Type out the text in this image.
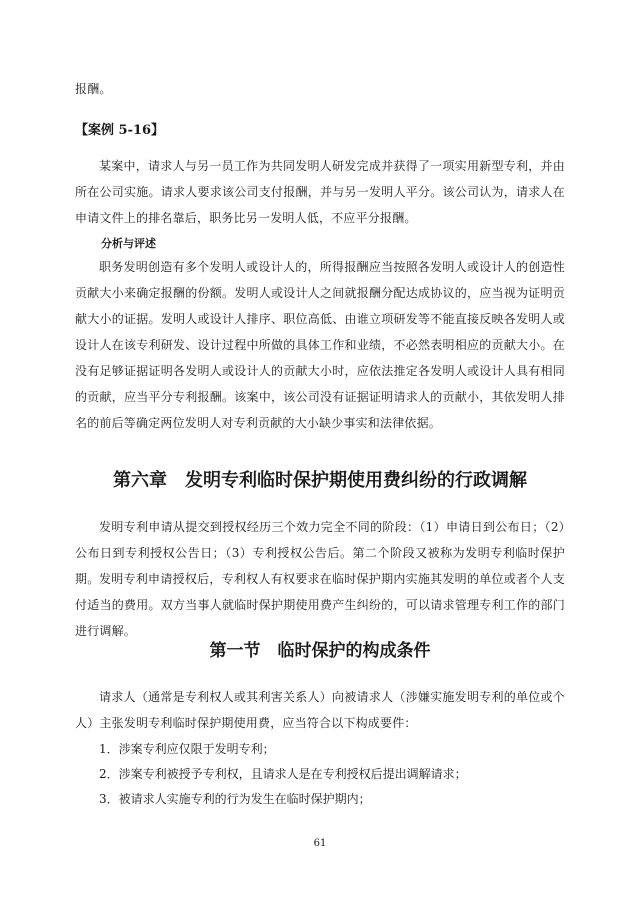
报酬。

【案例 5-16】

某案中，请求人与另一员工作为共同发明人研发完成并获得了一项实用新型专利，并由所在公司实施。请求人要求该公司支付报酬，并与另一发明人平分。该公司认为，请求人在申请文件上的排名靠后，职务比另一发明人低，不应平分报酬。

分析与评述

职务发明创造有多个发明人或设计人的，所得报酬应当按照各发明人或设计人的创造性贡献大小来确定报酬的份额。发明人或设计人之间就报酬分配达成协议的，应当视为证明贡献大小的证据。发明人或设计人排序、职位高低、由谁立项研发等不能直接反映各发明人或设计人在该专利研发、设计过程中所做的具体工作和业绩，不必然表明相应的贡献大小。在没有足够证据证明各发明人或设计人的贡献大小时，应依法推定各发明人或设计人具有相同的贡献，应当平分专利报酬。该案中，该公司没有证据证明请求人的贡献小，其依发明人排名的前后等确定两位发明人对专利贡献的大小缺少事实和法律依据。

第六章　发明专利临时保护期使用费纠纷的行政调解

发明专利申请从提交到授权经历三个效力完全不同的阶段：（1）申请日到公布日；（2）公布日到专利授权公告日；（3）专利授权公告后。第二个阶段又被称为发明专利临时保护期。 发明专利申请授权后，专利权人有权要求在临时保护期内实施其发明的单位或者个人支付适当的费用。双方当事人就临时保护期使用费产生纠纷的，可以请求管理专利工作的部门进行调解。

第一节　临时保护的构成条件

请求人（通常是专利权人或其利害关系人）向被请求人（涉嫌实施发明专利的单位或个人）主张发明专利临时保护期使用费，应当符合以下构成要件：

1．涉案专利应仅限于发明专利；

2．涉案专利被授予专利权，且请求人是在专利授权后提出调解请求；

3．被请求人实施专利的行为发生在临时保护期内；

61
